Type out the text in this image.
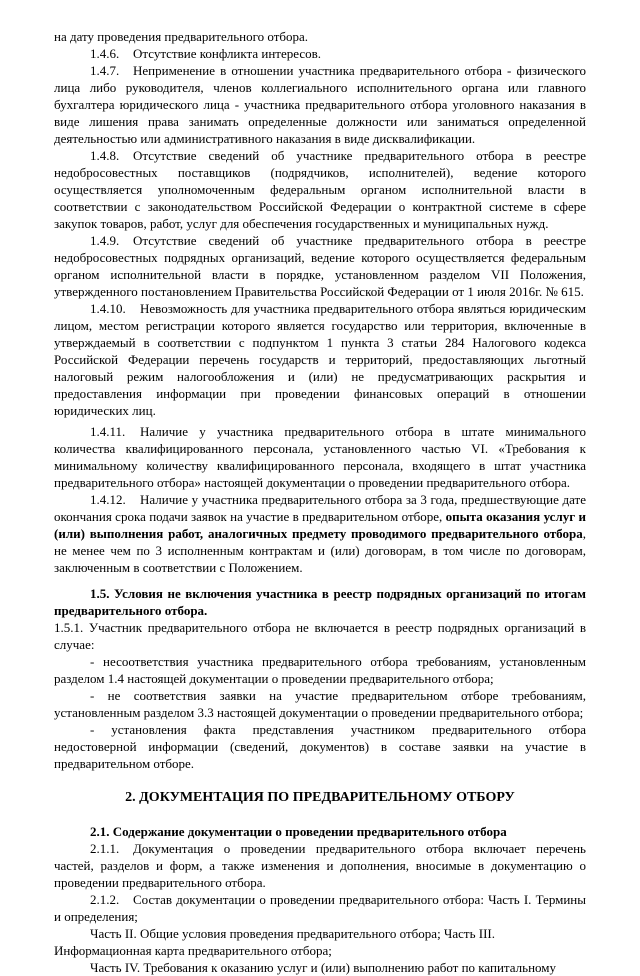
на дату проведения предварительного отбора.

1.4.6. Отсутствие конфликта интересов.

1.4.7. Неприменение в отношении участника предварительного отбора - физического лица либо руководителя, членов коллегиального исполнительного органа или главного бухгалтера юридического лица - участника предварительного отбора уголовного наказания в виде лишения права занимать определенные должности или заниматься определенной деятельностью или административного наказания в виде дисквалификации.

1.4.8. Отсутствие сведений об участнике предварительного отбора в реестре недобросовестных поставщиков (подрядчиков, исполнителей), ведение которого осуществляется уполномоченным федеральным органом исполнительной власти в соответствии с законодательством Российской Федерации о контрактной системе в сфере закупок товаров, работ, услуг для обеспечения государственных и муниципальных нужд.

1.4.9. Отсутствие сведений об участнике предварительного отбора в реестре недобросовестных подрядных организаций, ведение которого осуществляется федеральным органом исполнительной власти в порядке, установленном разделом VII Положения, утвержденного постановлением Правительства Российской Федерации от 1 июля 2016г. № 615.

1.4.10. Невозможность для участника предварительного отбора являться юридическим лицом, местом регистрации которого является государство или территория, включенные в утверждаемый в соответствии с подпунктом 1 пункта 3 статьи 284 Налогового кодекса Российской Федерации перечень государств и территорий, предоставляющих льготный налоговый режим налогообложения и (или) не предусматривающих раскрытия и предоставления информации при проведении финансовых операций в отношении юридических лиц.

1.4.11. Наличие у участника предварительного отбора в штате минимального количества квалифицированного персонала, установленного частью VI. «Требования к минимальному количеству квалифицированного персонала, входящего в штат участника предварительного отбора» настоящей документации о проведении предварительного отбора.

1.4.12. Наличие у участника предварительного отбора за 3 года, предшествующие дате окончания срока подачи заявок на участие в предварительном отборе, опыта оказания услуг и (или) выполнения работ, аналогичных предмету проводимого предварительного отбора, не менее чем по 3 исполненным контрактам и (или) договорам, в том числе по договорам, заключенным в соответствии с Положением.

1.5. Условия не включения участника в реестр подрядных организаций по итогам предварительного отбора.

1.5.1. Участник предварительного отбора не включается в реестр подрядных организаций в случае:

- несоответствия участника предварительного отбора требованиям, установленным разделом 1.4 настоящей документации о проведении предварительного отбора;

- не соответствия заявки на участие предварительном отборе требованиям, установленным разделом 3.3 настоящей документации о проведении предварительного отбора;

- установления факта представления участником предварительного отбора недостоверной информации (сведений, документов) в составе заявки на участие в предварительном отборе.

2. ДОКУМЕНТАЦИЯ ПО ПРЕДВАРИТЕЛЬНОМУ ОТБОРУ

2.1. Содержание документации о проведении предварительного отбора

2.1.1. Документация о проведении предварительного отбора включает перечень частей, разделов и форм, а также изменения и дополнения, вносимые в документацию о проведении предварительного отбора.

2.1.2. Состав документации о проведении предварительного отбора: Часть I. Термины и определения;

Часть II. Общие условия проведения предварительного отбора; Часть III.

Информационная карта предварительного отбора;

Часть IV. Требования к оказанию услуг и (или) выполнению работ по капитальному
